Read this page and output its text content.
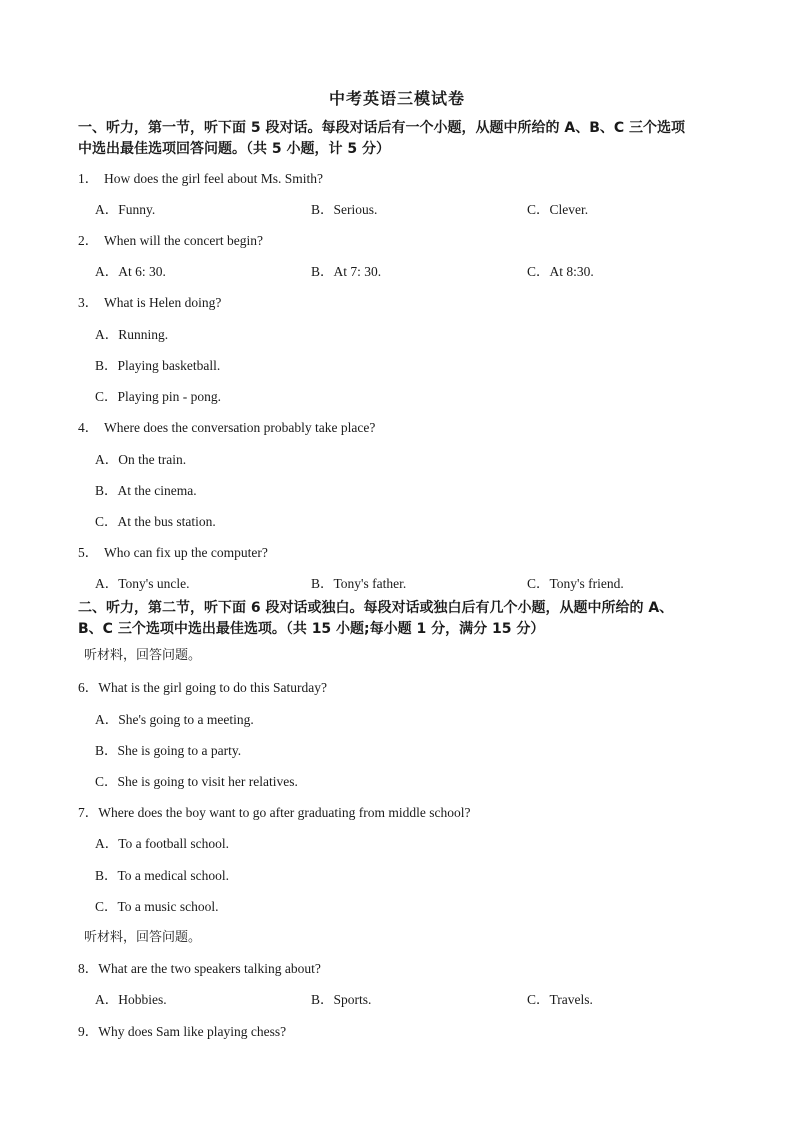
中考英语三模试卷
一、听力，第一节，听下面 5 段对话。每段对话后有一个小题，从题中所给的 A、B、C 三个选项
中选出最佳选项回答问题。（共 5 小题，计 5 分）
1． How does the girl feel about Ms. Smith?
A．Funny.	B．Serious.	C．Clever.
2． When will the concert begin?
A．At 6: 30.	B．At 7: 30.	C．At 8:30.
3． What is Helen doing?
A．Running.
B．Playing basketball.
C．Playing pin - pong.
4． Where does the conversation probably take place?
A．On the train.
B．At the cinema.
C．At the bus station.
5． Who can fix up the computer?
A．Tony's uncle.	B．Tony's father.	C．Tony's friend.
二、听力，第二节，听下面 6 段对话或独白。每段对话或独白后有几个小题，从题中所给的 A、
B、C 三个选项中选出最佳选项。（共 15 小题;每小题 1 分，满分 15 分）
听材料，回答问题。
6．What is the girl going to do this Saturday?
A．She's going to a meeting.
B．She is going to a party.
C．She is going to visit her relatives.
7．Where does the boy want to go after graduating from middle school?
A．To a football school.
B．To a medical school.
C．To a music school.
听材料，回答问题。
8．What are the two speakers talking about?
A．Hobbies.	B．Sports.	C．Travels.
9．Why does Sam like playing chess?
